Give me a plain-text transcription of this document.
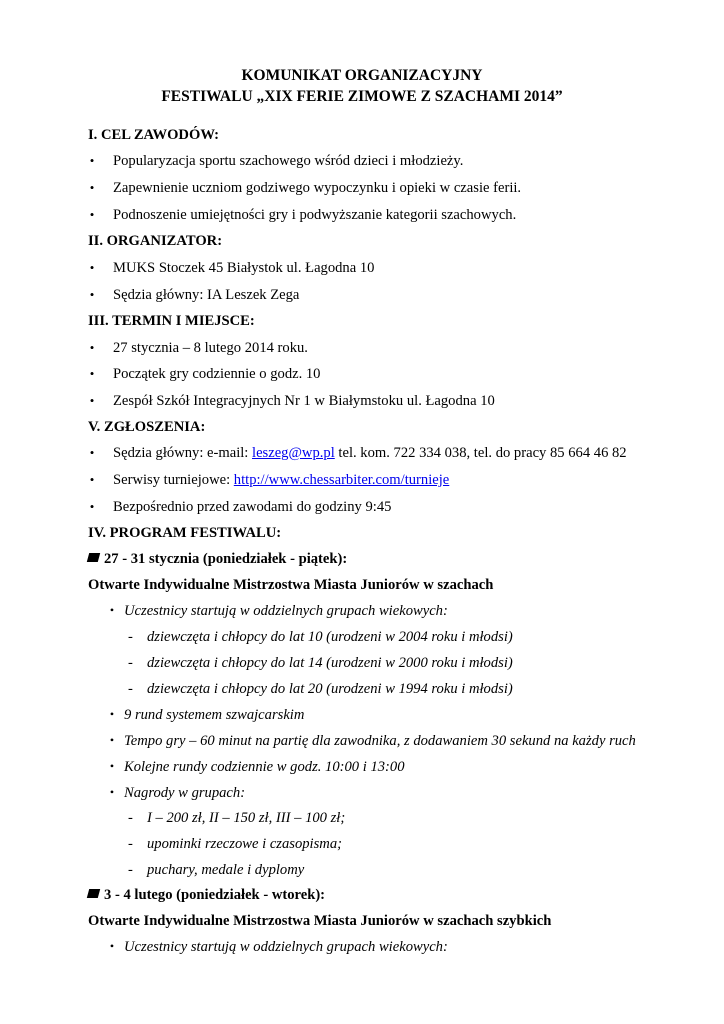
KOMUNIKAT ORGANIZACYJNY
FESTIWALU „XIX FERIE ZIMOWE Z SZACHAMI 2014”
I. CEL ZAWODÓW:
• Popularyzacja sportu szachowego wśród dzieci i młodzieży.
• Zapewnienie uczniom godziwego wypoczynku i opieki w czasie ferii.
• Podnoszenie umiejętności gry i podwyższanie kategorii szachowych.
II. ORGANIZATOR:
• MUKS Stoczek 45 Białystok ul. Łagodna 10
• Sędzia główny: IA Leszek Zega
III. TERMIN I MIEJSCE:
• 27 stycznia – 8 lutego 2014 roku.
• Początek gry codziennie o godz. 10
• Zespół Szkół Integracyjnych Nr 1 w Białymstoku ul. Łagodna 10
V. ZGŁOSZENIA:
• Sędzia główny: e-mail: leszeg@wp.pl tel. kom. 722 334 038, tel. do pracy 85 664 46 82
• Serwisy turniejowe: http://www.chessarbiter.com/turnieje
• Bezpośrednio przed zawodami do godziny 9:45
IV. PROGRAM FESTIWALU:
27 - 31 stycznia (poniedziałek - piątek):
Otwarte Indywidualne Mistrzostwa Miasta Juniorów w szachach
• Uczestnicy startują w oddzielnych grupach wiekowych:
- dziewczęta i chłopcy do lat 10 (urodzeni w 2004 roku i młodsi)
- dziewczęta i chłopcy do lat 14 (urodzeni w 2000 roku i młodsi)
- dziewczęta i chłopcy do lat 20 (urodzeni w 1994 roku i młodsi)
• 9 rund systemem szwajcarskim
• Tempo gry – 60 minut na partię dla zawodnika, z dodawaniem 30 sekund na każdy ruch
• Kolejne rundy codziennie w godz. 10:00 i 13:00
• Nagrody w grupach:
- I – 200 zł, II – 150 zł, III – 100 zł;
- upominki rzeczowe i czasopisma;
- puchary, medale i dyplomy
3 - 4 lutego (poniedziałek - wtorek):
Otwarte Indywidualne Mistrzostwa Miasta Juniorów w szachach szybkich
• Uczestnicy startują w oddzielnych grupach wiekowych:
